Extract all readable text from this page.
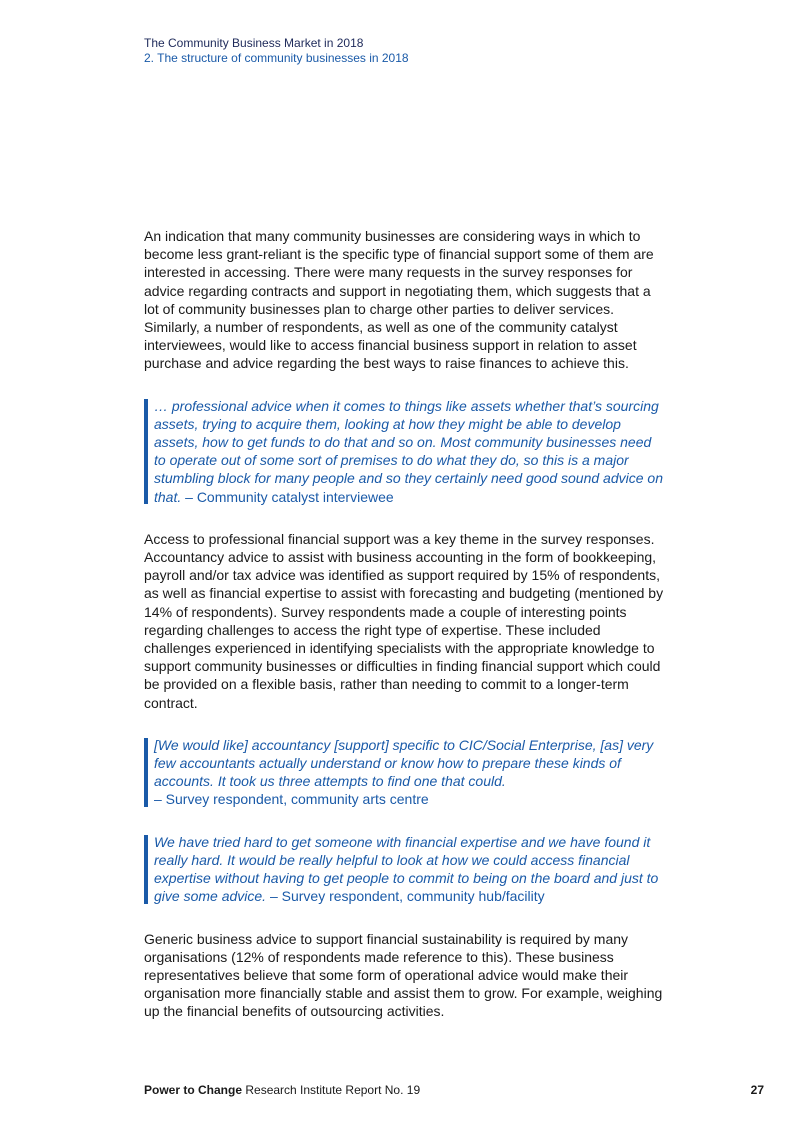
The Community Business Market in 2018
2. The structure of community businesses in 2018

An indication that many community businesses are considering ways in which to become less grant-reliant is the specific type of financial support some of them are interested in accessing. There were many requests in the survey responses for advice regarding contracts and support in negotiating them, which suggests that a lot of community businesses plan to charge other parties to deliver services. Similarly, a number of respondents, as well as one of the community catalyst interviewees, would like to access financial business support in relation to asset purchase and advice regarding the best ways to raise finances to achieve this.

… professional advice when it comes to things like assets whether that’s sourcing assets, trying to acquire them, looking at how they might be able to develop assets, how to get funds to do that and so on. Most community businesses need to operate out of some sort of premises to do what they do, so this is a major stumbling block for many people and so they certainly need good sound advice on that. – Community catalyst interviewee

Access to professional financial support was a key theme in the survey responses. Accountancy advice to assist with business accounting in the form of bookkeeping, payroll and/or tax advice was identified as support required by 15% of respondents, as well as financial expertise to assist with forecasting and budgeting (mentioned by 14% of respondents). Survey respondents made a couple of interesting points regarding challenges to access the right type of expertise. These included challenges experienced in identifying specialists with the appropriate knowledge to support community businesses or difficulties in finding financial support which could be provided on a flexible basis, rather than needing to commit to a longer-term contract.

[We would like] accountancy [support] specific to CIC/Social Enterprise, [as] very few accountants actually understand or know how to prepare these kinds of accounts. It took us three attempts to find one that could.
– Survey respondent, community arts centre
We have tried hard to get someone with financial expertise and we have found it really hard. It would be really helpful to look at how we could access financial expertise without having to get people to commit to being on the board and just to give some advice. – Survey respondent, community hub/facility

Generic business advice to support financial sustainability is required by many organisations (12% of respondents made reference to this). These business representatives believe that some form of operational advice would make their organisation more financially stable and assist them to grow. For example, weighing up the financial benefits of outsourcing activities.

Power to Change Research Institute Report No. 19	27
